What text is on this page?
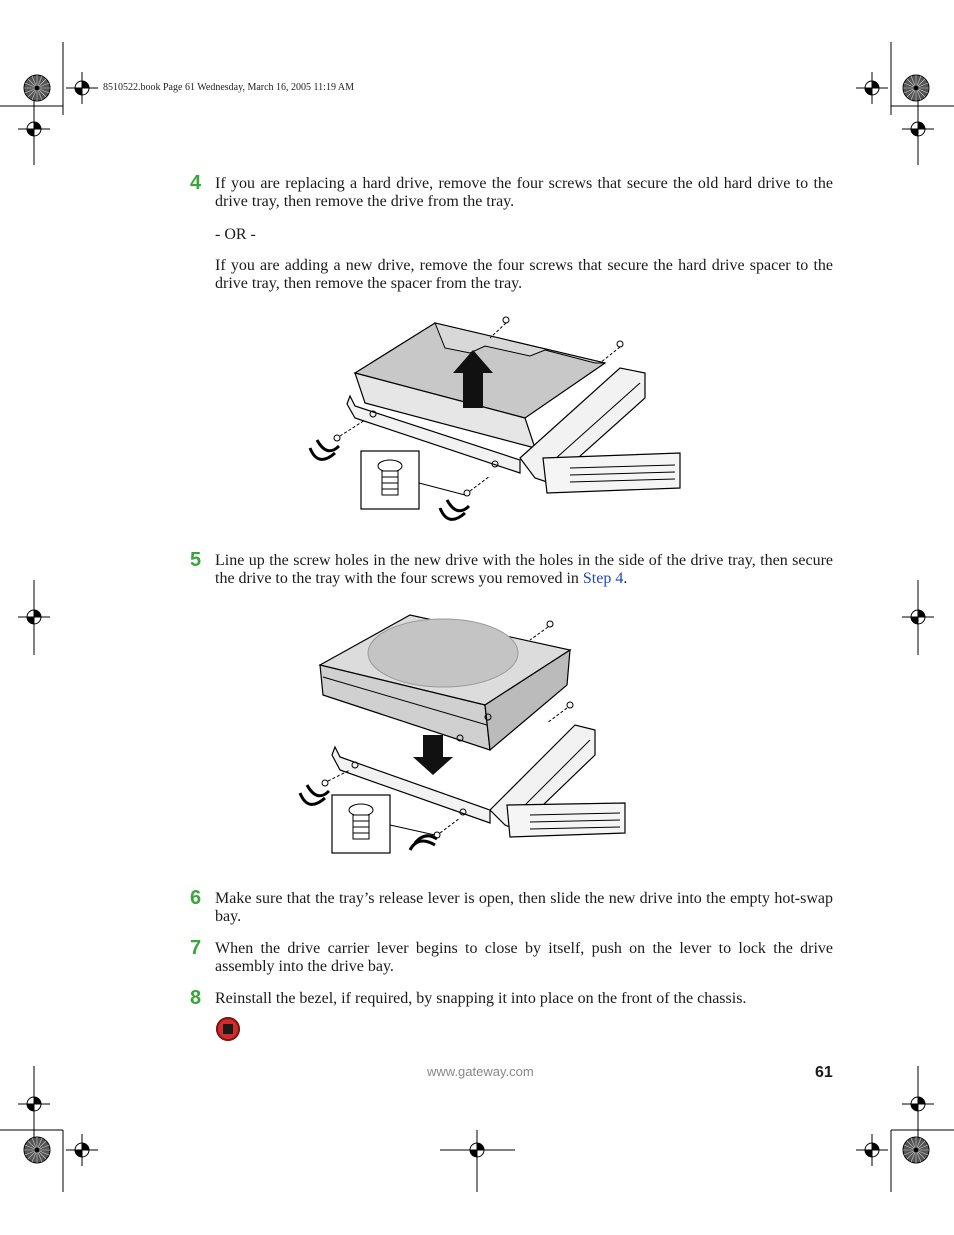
8510522.book Page 61 Wednesday, March 16, 2005 11:19 AM
4 If you are replacing a hard drive, remove the four screws that secure the old hard drive to the drive tray, then remove the drive from the tray.
- OR -
If you are adding a new drive, remove the four screws that secure the hard drive spacer to the drive tray, then remove the spacer from the tray.
5 Line up the screw holes in the new drive with the holes in the side of the drive tray, then secure the drive to the tray with the four screws you removed in Step 4.
6 Make sure that the tray’s release lever is open, then slide the new drive into the empty hot-swap bay.
7 When the drive carrier lever begins to close by itself, push on the lever to lock the drive assembly into the drive bay.
8 Reinstall the bezel, if required, by snapping it into place on the front of the chassis.
www.gateway.com	61
